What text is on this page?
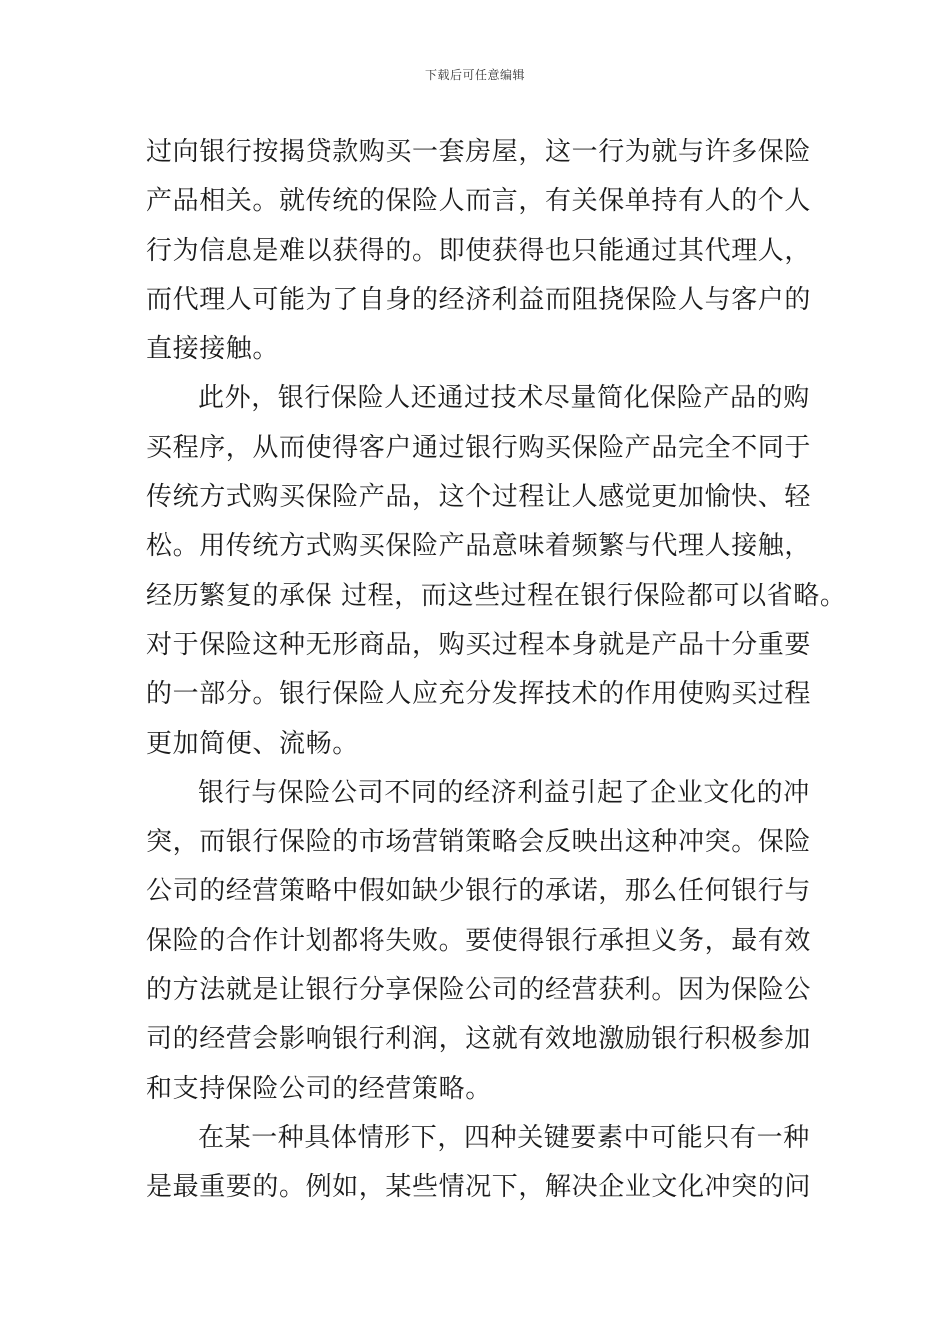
下载后可任意编辑
过向银行按揭贷款购买一套房屋，这一行为就与许多保险
产品相关。就传统的保险人而言，有关保单持有人的个人
行为信息是难以获得的。即使获得也只能通过其代理人，
而代理人可能为了自身的经济利益而阻挠保险人与客户的
直接接触。
此外，银行保险人还通过技术尽量简化保险产品的购
买程序，从而使得客户通过银行购买保险产品完全不同于
传统方式购买保险产品，这个过程让人感觉更加愉快、轻
松。用传统方式购买保险产品意味着频繁与代理人接触，
经历繁复的承保 过程，而这些过程在银行保险都可以省略。
对于保险这种无形商品，购买过程本身就是产品十分重要
的一部分。银行保险人应充分发挥技术的作用使购买过程
更加简便、流畅。
银行与保险公司不同的经济利益引起了企业文化的冲
突，而银行保险的市场营销策略会反映出这种冲突。保险
公司的经营策略中假如缺少银行的承诺，那么任何银行与
保险的合作计划都将失败。要使得银行承担义务，最有效
的方法就是让银行分享保险公司的经营获利。因为保险公
司的经营会影响银行利润，这就有效地激励银行积极参加
和支持保险公司的经营策略。
在某一种具体情形下，四种关键要素中可能只有一种
是最重要的。例如，某些情况下，解决企业文化冲突的问
